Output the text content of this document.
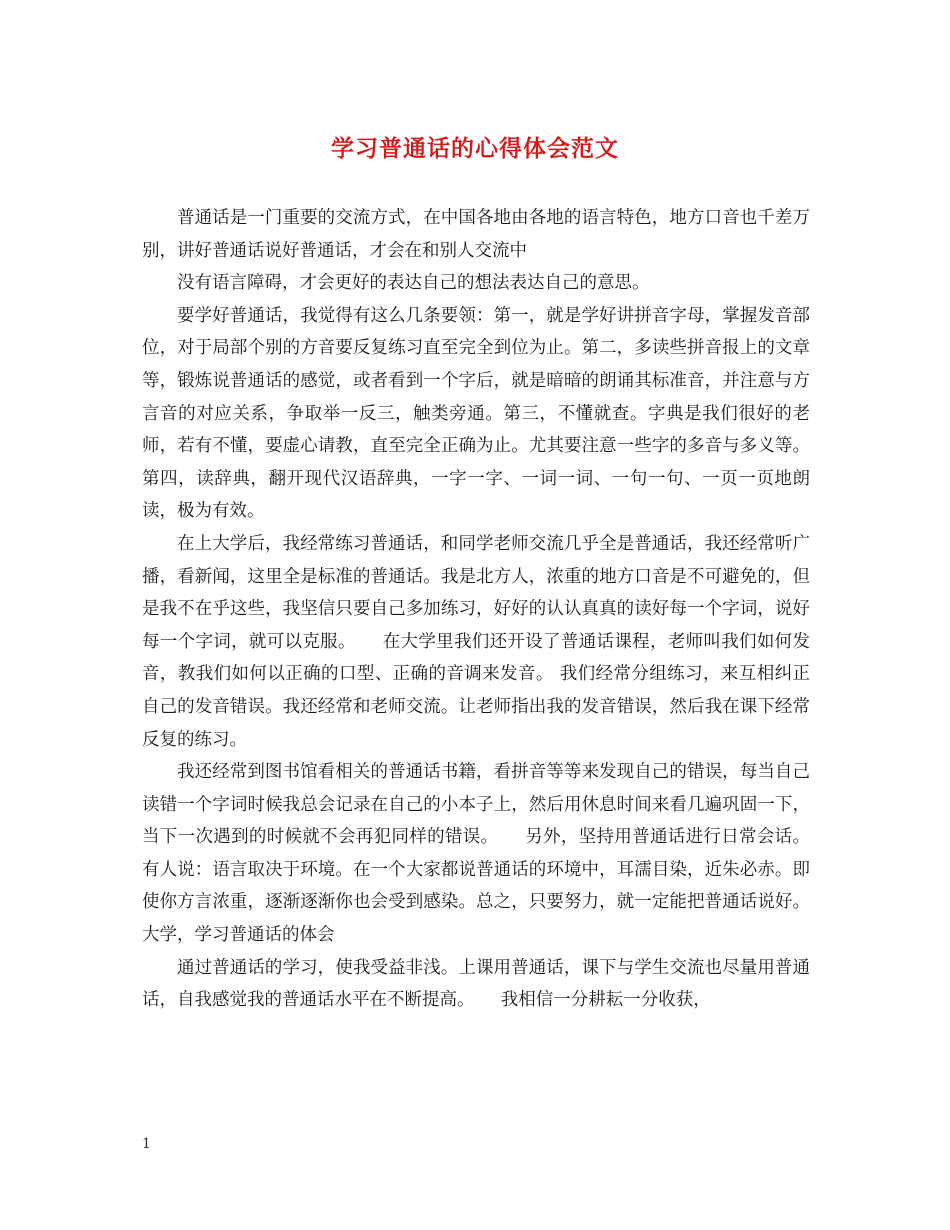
学习普通话的心得体会范文

普通话是一门重要的交流方式，在中国各地由各地的语言特色，地方口音也千差万别，讲好普通话说好普通话，才会在和别人交流中

没有语言障碍，才会更好的表达自己的想法表达自己的意思。

要学好普通话，我觉得有这么几条要领：第一，就是学好讲拼音字母，掌握发音部位，对于局部个别的方音要反复练习直至完全到位为止。第二，多读些拼音报上的文章等，锻炼说普通话的感觉，或者看到一个字后，就是暗暗的朗诵其标准音，并注意与方言音的对应关系，争取举一反三，触类旁通。第三，不懂就查。字典是我们很好的老师，若有不懂，要虚心请教，直至完全正确为止。尤其要注意一些字的多音与多义等。第四，读辞典，翻开现代汉语辞典，一字一字、一词一词、一句一句、一页一页地朗读，极为有效。

在上大学后，我经常练习普通话，和同学老师交流几乎全是普通话，我还经常听广播，看新闻，这里全是标准的普通话。我是北方人，浓重的地方口音是不可避免的，但是我不在乎这些，我坚信只要自己多加练习，好好的认认真真的读好每一个字词，说好每一个字词，就可以克服。　　在大学里我们还开设了普通话课程，老师叫我们如何发音，教我们如何以正确的口型、正确的音调来发音。 我们经常分组练习，来互相纠正自己的发音错误。我还经常和老师交流。让老师指出我的发音错误，然后我在课下经常反复的练习。

我还经常到图书馆看相关的普通话书籍，看拼音等等来发现自己的错误，每当自己读错一个字词时候我总会记录在自己的小本子上，然后用休息时间来看几遍巩固一下，当下一次遇到的时候就不会再犯同样的错误。　　另外，坚持用普通话进行日常会话。有人说：语言取决于环境。在一个大家都说普通话的环境中，耳濡目染，近朱必赤。即使你方言浓重，逐渐逐渐你也会受到感染。总之，只要努力，就一定能把普通话说好。大学，学习普通话的体会

通过普通话的学习，使我受益非浅。上课用普通话，课下与学生交流也尽量用普通话，自我感觉我的普通话水平在不断提高。　　我相信一分耕耘一分收获，

1
